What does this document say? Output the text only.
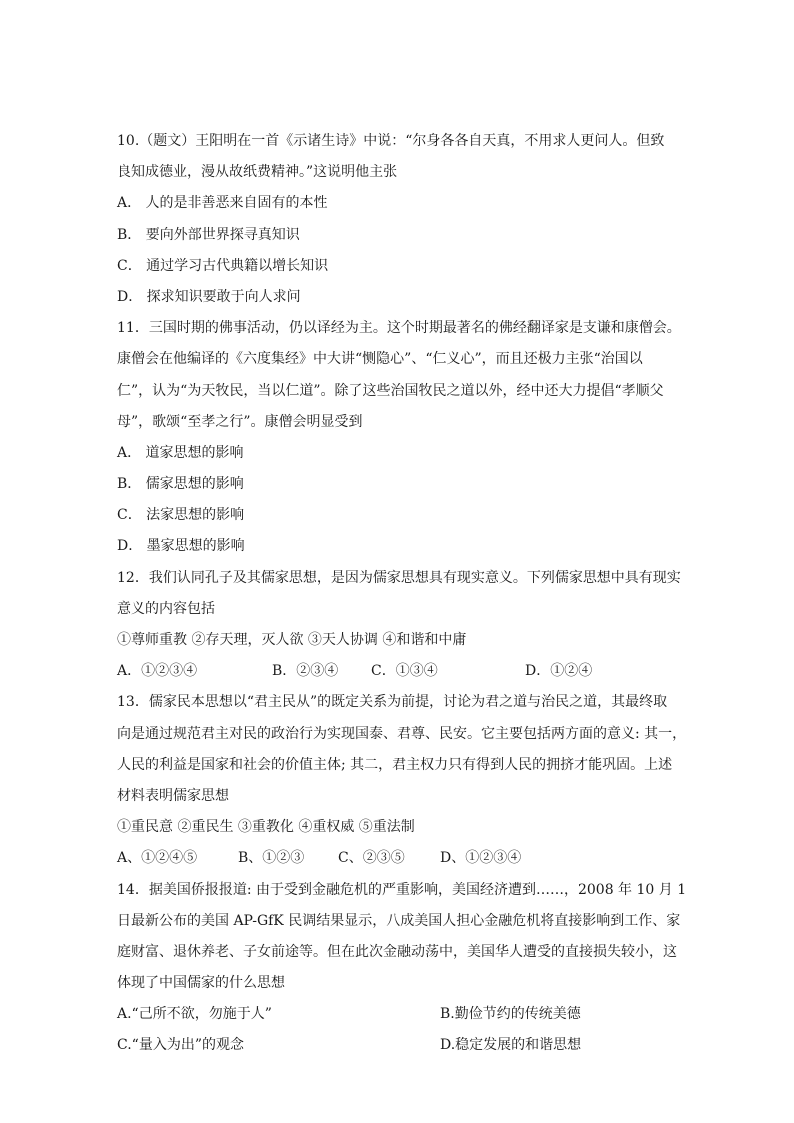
10.（题文）王阳明在一首《示诸生诗》中说：“尔身各各自天真，不用求人更问人。但致
良知成德业，漫从故纸费精神。”这说明他主张
A． 人的是非善恶来自固有的本性
B． 要向外部世界探寻真知识
C． 通过学习古代典籍以增长知识
D． 探求知识要敢于向人求问
11．三国时期的佛事活动，仍以译经为主。这个时期最著名的佛经翻译家是支谦和康僧会。
康僧会在他编译的《六度集经》中大讲“恻隐心”、“仁义心”，而且还极力主张“治国以
仁”，认为“为天牧民，当以仁道”。除了这些治国牧民之道以外，经中还大力提倡“孝顺父
母”，歌颂“至孝之行”。康僧会明显受到
A． 道家思想的影响
B． 儒家思想的影响
C． 法家思想的影响
D． 墨家思想的影响
12．我们认同孔子及其儒家思想，是因为儒家思想具有现实意义。下列儒家思想中具有现实
意义的内容包括
①尊师重教 ②存天理，灭人欲 ③天人协调 ④和谐和中庸
A．①②③④	B．②③④ C．①③④	D．①②④
13．儒家民本思想以“君主民从”的既定关系为前提，讨论为君之道与治民之道，其最终取
向是通过规范君主对民的政治行为实现国泰、君尊、民安。它主要包括两方面的意义: 其一，
人民的利益是国家和社会的价值主体; 其二，君主权力只有得到人民的拥挤才能巩固。上述
材料表明儒家思想
①重民意 ②重民生 ③重教化 ④重权威 ⑤重法制
A、①②④⑤	B、①②③ C、②③⑤	D、①②③④
14．据美国侨报报道: 由于受到金融危机的严重影响，美国经济遭到……，2008 年 10 月 1
日最新公布的美国 AP-GfK 民调结果显示，八成美国人担心金融危机将直接影响到工作、家
庭财富、退休养老、子女前途等。但在此次金融动荡中，美国华人遭受的直接损失较小，这
体现了中国儒家的什么思想
A.“己所不欲，勿施于人”	B.勤俭节约的传统美德
C.“量入为出”的观念	D.稳定发展的和谐思想
